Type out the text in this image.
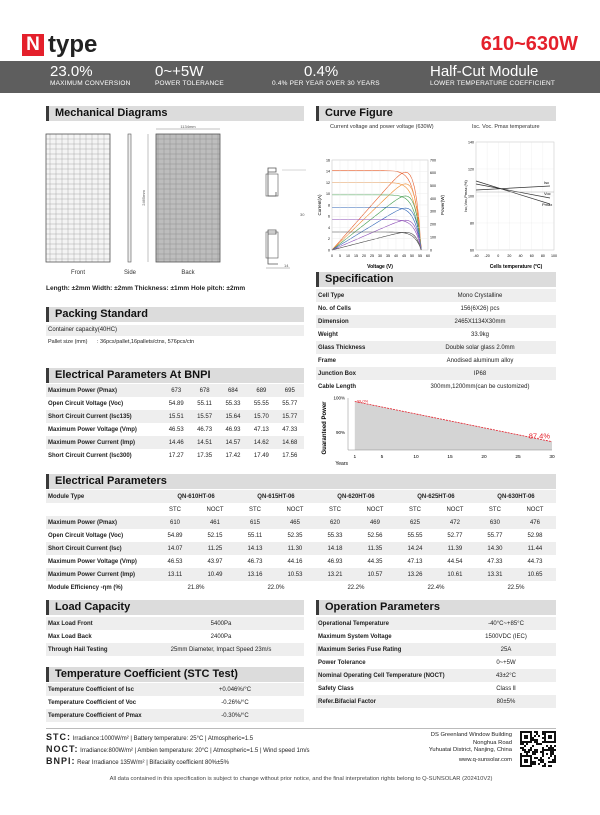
N type	610~630W
23.0%
MAXIMUM CONVERSION
0~+5W
POWER TOLERANCE
0.4%
0.4% PER YEAR OVER 30 YEARS
Half-Cut Module
LOWER TEMPERATURE COEFFICIENT
Mechanical Diagrams
1134mm
2465mm
30
14
Front	Side	Back
Length: ±2mm Width: ±2mm Thickness: ±1mm Hole pitch: ±2mm
Curve Figure
Current voltage and power voltage (630W)	Isc. Voc. Pmax temperature
0 5 10 15 20 25 30 35 40 45 50 55 60
0
2
4
6
8
10
12
14
16
0
100
200
300
400
500
600
700
Voltage (V)
Current(A)	Power(W)
-40 -20 0 20 40 60 80 100
60
80
100
120
140
Isc
Voc
Pmax
Isc,Voc,Pmax (%)
Cells temperature (°C)
Specification
Cell Type	Mono Crystalline
No. of Cells	156(6X26) pcs
Dimension	2465X1134X30mm
Weight	33.9kg
Glass Thickness	Double solar glass 2.0mm
Frame	Anodised aluminum alloy
Junction Box	IP68
Cable Length	300mm,1200mm(can be customized)
Guaranteed Power
Years
100%
90%
1	5	10	15	20	25	30
99.0%
87.4%
Packing Standard
Container capacity(40HC)
Pallet size (mm) : 36pcs/pallet,16pallets/ctns, 576pcs/ctn
Electrical Parameters At BNPI
Maximum Power (Pmax)	673	678	684	689	695
Open Circuit Voltage (Voc)	54.89	55.11	55.33	55.55	55.77
Short Circuit Current (Isc135)	15.51	15.57	15.64	15.70	15.77
Maximum Power Voltage (Vmp)	46.53	46.73	46.93	47.13	47.33
Maximum Power Current (Imp)	14.46	14.51	14.57	14.62	14.68
Short Circuit Current (Isc300)	17.27	17.35	17.42	17.49	17.56
Electrical Parameters
Module Type	QN-610HT-06		QN-615HT-06		QN-620HT-06		QN-625HT-06		QN-630HT-06	
	STC	NOCT	STC	NOCT	STC	NOCT	STC	NOCT	STC	NOCT
Maximum Power (Pmax)	610	461	615	465	620	469	625	472	630	476
Open Circuit Voltage (Voc)	54.89	52.15	55.11	52.35	55.33	52.56	55.55	52.77	55.77	52.98
Short Circuit Current (Isc)	14.07	11.25	14.13	11.30	14.18	11.35	14.24	11.39	14.30	11.44
Maximum Power Voltage (Vmp)	46.53	43.97	46.73	44.16	46.93	44.35	47.13	44.54	47.33	44.73
Maximum Power Current (Imp)	13.11	10.49	13.16	10.53	13.21	10.57	13.26	10.61	13.31	10.65
Module Efficiency -ηm (%)	21.8%		22.0%		22.2%		22.4%		22.5%	
Load Capacity
Max Load Front	5400Pa
Max Load Back	2400Pa
Through Hail Testing	25mm Diameter, Impact Speed 23m/s
Temperature Coefficient (STC Test)
Temperature Coefficient of Isc	+0.046%/°C
Temperature Coefficient of Voc	-0.26%/°C
Temperature Coefficient of Pmax	-0.30%/°C
Operation Parameters
Operational Temperature	-40°C~+85°C
Maximum System Voltage	1500VDC (IEC)
Maximum Series Fuse Rating	25A
Power Tolerance	0~+5W
Nominal Operating Cell Temperature (NOCT)	43±2°C
Safety Class	Class Ⅱ
Refer.Bifacial Factor	80±5%
STC: Irradiance:1000W/m² | Battery temperature: 25°C | Atmospheric=1.5
NOCT: Irradiance:800W/m² | Ambien temperature: 20°C | Atmospheric=1.5 | Wind speed 1m/s
BNPI: Rear Irradiance 135W/m² | Bifaciality coefficient 80%±5%
DS Greenland Window Building
Nonghua Road
Yuhuatai District, Nanjing, China
www.q-sunsolar.com
All data contained in this specification is subject to change without prior notice, and the final interpretation rights belong to Q-SUNSOLAR (202410V2)
